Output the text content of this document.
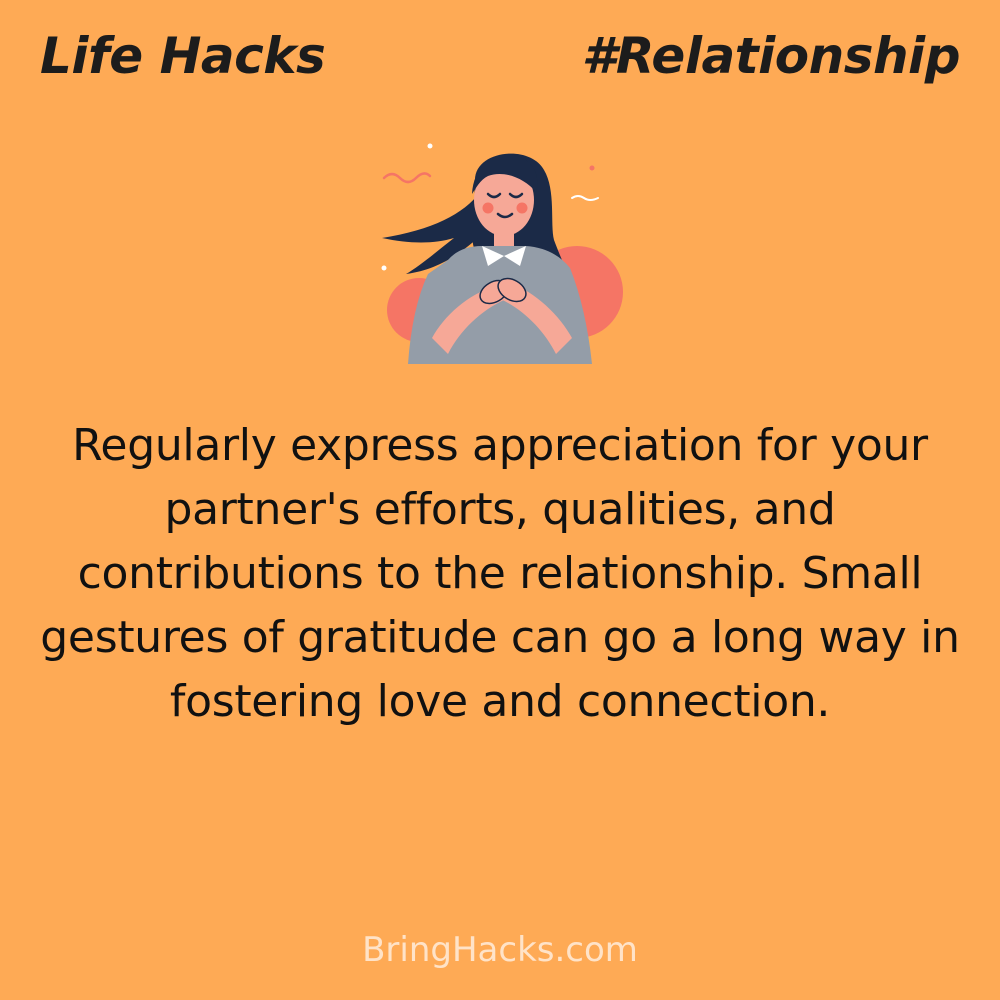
Life Hacks	#Relationship

Regularly express appreciation for your partner's efforts, qualities, and contributions to the relationship. Small gestures of gratitude can go a long way in fostering love and connection.

BringHacks.com
